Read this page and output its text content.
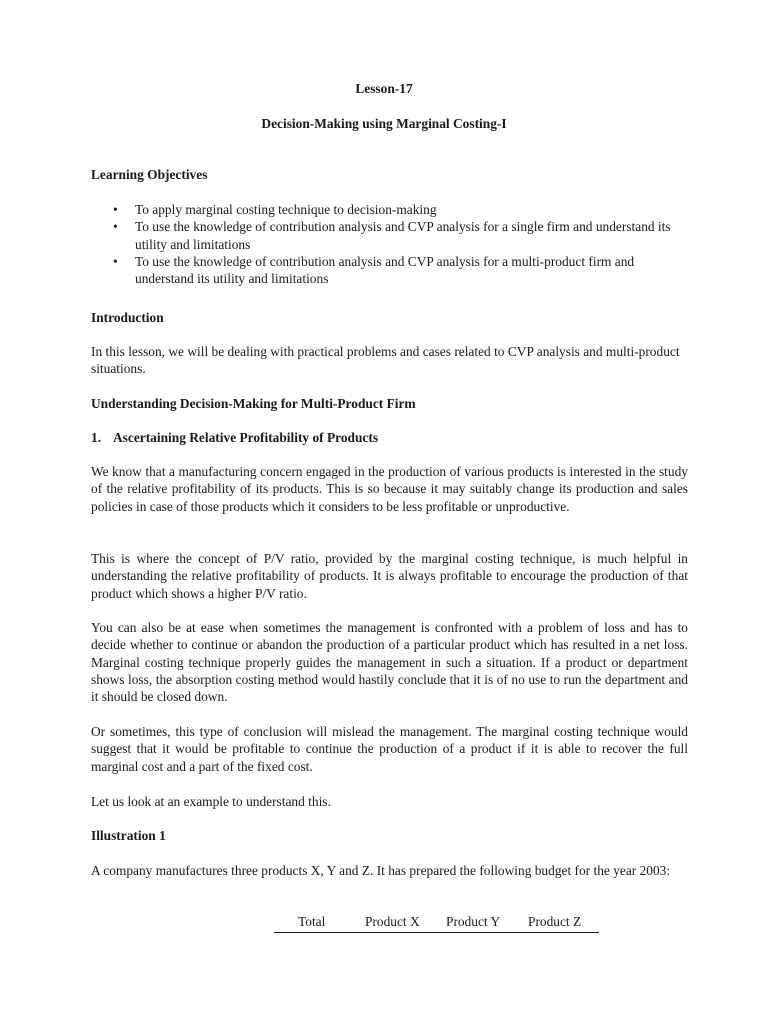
Lesson-17
Decision-Making using Marginal Costing-I
Learning Objectives
• To apply marginal costing technique to decision-making
• To use the knowledge of contribution analysis and CVP analysis for a single firm and understand its utility and limitations
• To use the knowledge of contribution analysis and CVP analysis for a multi-product firm and understand its utility and limitations
Introduction
In this lesson, we will be dealing with practical problems and cases related to CVP analysis and multi-product situations.
Understanding Decision-Making for Multi-Product Firm
1. Ascertaining Relative Profitability of Products
We know that a manufacturing concern engaged in the production of various products is interested in the study of the relative profitability of its products. This is so because it may suitably change its production and sales policies in case of those products which it considers to be less profitable or unproductive.
This is where the concept of P/V ratio, provided by the marginal costing technique, is much helpful in understanding the relative profitability of products. It is always profitable to encourage the production of that product which shows a higher P/V ratio.
You can also be at ease when sometimes the management is confronted with a problem of loss and has to decide whether to continue or abandon the production of a particular product which has resulted in a net loss. Marginal costing technique properly guides the management in such a situation. If a product or department shows loss, the absorption costing method would hastily conclude that it is of no use to run the department and it should be closed down.
Or sometimes, this type of conclusion will mislead the management. The marginal costing technique would suggest that it would be profitable to continue the production of a product if it is able to recover the full marginal cost and a part of the fixed cost.
Let us look at an example to understand this.
Illustration 1
A company manufactures three products X, Y and Z. It has prepared the following budget for the year 2003:
Total	Product X Product Y Product Z
